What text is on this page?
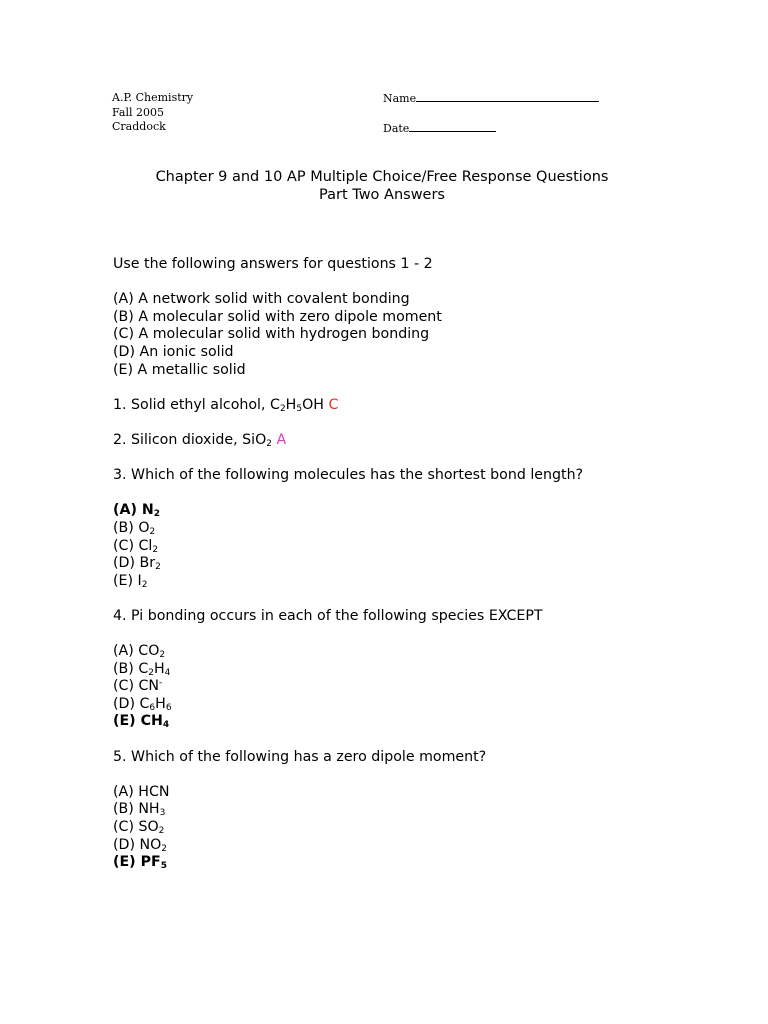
A.P. Chemistry
Fall 2005
Craddock
Name
Date
Chapter 9 and 10 AP Multiple Choice/Free Response Questions
Part Two Answers

Use the following answers for questions 1 - 2

(A) A network solid with covalent bonding

(B) A molecular solid with zero dipole moment

(C) A molecular solid with hydrogen bonding

(D) An ionic solid

(E) A metallic solid

1. Solid ethyl alcohol, $C_2H_5OH$ C

2. Silicon dioxide, SiO$_2$ A

3. Which of the following molecules has the shortest bond length?

(A) $N_2$

(B) $O_2$

(C) $Cl_2$

(D) $Br_2$

(E) $I_2$

4. Pi bonding occurs in each of the following species EXCEPT

(A) $CO_2$

(B) $C_2H_4$

(C) CN-

(D) $C_6H_6$

(E) $CH_4$

5. Which of the following has a zero dipole moment?

(A) HCN

(B) $NH_3$

(C) $SO_2$

(D) $NO_2$

(E) $PF_5$
